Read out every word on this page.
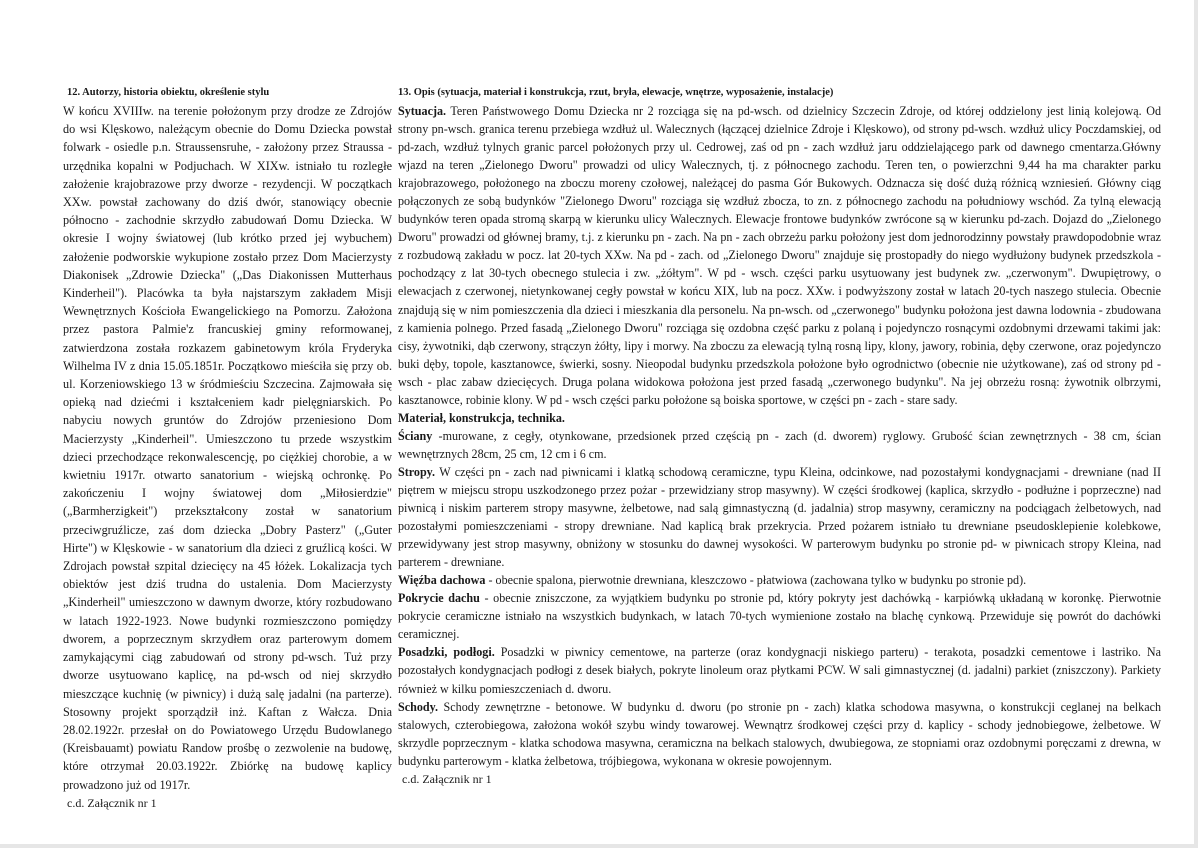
12. Autorzy, historia obiektu, określenie stylu

W końcu XVIIIw. na terenie położonym przy drodze ze Zdrojów do wsi Klęskowo, należącym obecnie do Domu Dziecka powstał folwark - osiedle p.n. Straussensruhe, - założony przez Straussa - urzędnika kopalni w Podjuchach. W XIXw. istniało tu rozległe założenie krajobrazowe przy dworze - rezydencji. W początkach XXw. powstał zachowany do dziś dwór, stanowiący obecnie północno - zachodnie skrzydło zabudowań Domu Dziecka. W okresie I wojny światowej (lub krótko przed jej wybuchem) założenie podworskie wykupione zostało przez Dom Macierzysty Diakonisek „Zdrowie Dziecka" („Das Diakonissen Mutterhaus Kinderheil"). Placówka ta była najstarszym zakładem Misji Wewnętrznych Kościoła Ewangelickiego na Pomorzu. Założona przez pastora Palmie'z francuskiej gminy reformowanej, zatwierdzona została rozkazem gabinetowym króla Fryderyka Wilhelma IV z dnia 15.05.1851r. Początkowo mieściła się przy ob. ul. Korzeniowskiego 13 w śródmieściu Szczecina. Zajmowała się opieką nad dziećmi i kształceniem kadr pielęgniarskich. Po nabyciu nowych gruntów do Zdrojów przeniesiono Dom Macierzysty „Kinderheil". Umieszczono tu przede wszystkim dzieci przechodzące rekonwalescencję, po ciężkiej chorobie, a w kwietniu 1917r. otwarto sanatorium - wiejską ochronkę. Po zakończeniu I wojny światowej dom „Miłosierdzie" („Barmherzigkeit") przekształcony został w sanatorium przeciwgruźlicze, zaś dom dziecka „Dobry Pasterz" („Guter Hirte") w Klęskowie - w sanatorium dla dzieci z gruźlicą kości. W Zdrojach powstał szpital dziecięcy na 45 łóżek. Lokalizacja tych obiektów jest dziś trudna do ustalenia. Dom Macierzysty „Kinderheil" umieszczono w dawnym dworze, który rozbudowano w latach 1922-1923. Nowe budynki rozmieszczono pomiędzy dworem, a poprzecznym skrzydłem oraz parterowym domem zamykającymi ciąg zabudowań od strony pd-wsch. Tuż przy dworze usytuowano kaplicę, na pd-wsch od niej skrzydło mieszczące kuchnię (w piwnicy) i dużą salę jadalni (na parterze). Stosowny projekt sporządził inż. Kaftan z Wałcza. Dnia 28.02.1922r. przesłał on do Powiatowego Urzędu Budowlanego (Kreisbauamt) powiatu Randow prośbę o zezwolenie na budowę, które otrzymał 20.03.1922r. Zbiórkę na budowę kaplicy prowadzono już od 1917r.

c.d. Załącznik nr 1

13. Opis (sytuacja, materiał i konstrukcja, rzut, bryła, elewacje, wnętrze, wyposażenie, instalacje)

Sytuacja. Teren Państwowego Domu Dziecka nr 2 rozciąga się na pd-wsch. od dzielnicy Szczecin Zdroje, od której oddzielony jest linią kolejową. Od strony pn-wsch. granica terenu przebiega wzdłuż ul. Walecznych (łączącej dzielnice Zdroje i Klęskowo), od strony pd-wsch. wzdłuż ulicy Poczdamskiej, od pd-zach, wzdłuż tylnych granic parcel położonych przy ul. Cedrowej, zaś od pn - zach wzdłuż jaru oddzielającego park od dawnego cmentarza.Główny wjazd na teren „Zielonego Dworu" prowadzi od ulicy Walecznych, tj. z północnego zachodu. Teren ten, o powierzchni 9,44 ha ma charakter parku krajobrazowego, położonego na zboczu moreny czołowej, należącej do pasma Gór Bukowych. Odznacza się dość dużą różnicą wzniesień. Główny ciąg połączonych ze sobą budynków "Zielonego Dworu" rozciąga się wzdłuż zbocza, to zn. z północnego zachodu na południowy wschód. Za tylną elewacją budynków teren opada stromą skarpą w kierunku ulicy Walecznych. Elewacje frontowe budynków zwrócone są w kierunku pd-zach. Dojazd do „Zielonego Dworu" prowadzi od głównej bramy, t.j. z kierunku pn - zach. Na pn - zach obrzeżu parku położony jest dom jednorodzinny powstały prawdopodobnie wraz z rozbudową zakładu w pocz. lat 20-tych XXw. Na pd - zach. od „Zielonego Dworu" znajduje się prostopadły do niego wydłużony budynek przedszkola - pochodzący z lat 30-tych obecnego stulecia i zw. „żółtym". W pd - wsch. części parku usytuowany jest budynek zw. „czerwonym". Dwupiętrowy, o elewacjach z czerwonej, nietynkowanej cegły powstał w końcu XIX, lub na pocz. XXw. i podwyższony został w latach 20-tych naszego stulecia. Obecnie znajdują się w nim pomieszczenia dla dzieci i mieszkania dla personelu. Na pn-wsch. od „czerwonego" budynku położona jest dawna lodownia - zbudowana z kamienia polnego. Przed fasadą „Zielonego Dworu" rozciąga się ozdobna część parku z polaną i pojedynczo rosnącymi ozdobnymi drzewami takimi jak: cisy, żywotniki, dąb czerwony, strączyn żółty, lipy i morwy. Na zboczu za elewacją tylną rosną lipy, klony, jawory, robinia, dęby czerwone, oraz pojedynczo buki dęby, topole, kasztanowce, świerki, sosny. Nieopodal budynku przedszkola położone było ogrodnictwo (obecnie nie użytkowane), zaś od strony pd - wsch - plac zabaw dziecięcych. Druga polana widokowa położona jest przed fasadą „czerwonego budynku". Na jej obrzeżu rosną: żywotnik olbrzymi, kasztanowce, robinie klony. W pd - wsch części parku położone są boiska sportowe, w części pn - zach - stare sady.

Materiał, konstrukcja, technika.

Ściany -murowane, z cegły, otynkowane, przedsionek przed częścią pn - zach (d. dworem) ryglowy. Grubość ścian zewnętrznych - 38 cm, ścian wewnętrznych 28cm, 25 cm, 12 cm i 6 cm.

Stropy. W części pn - zach nad piwnicami i klatką schodową ceramiczne, typu Kleina, odcinkowe, nad pozostałymi kondygnacjami - drewniane (nad II piętrem w miejscu stropu uszkodzonego przez pożar - przewidziany strop masywny). W części środkowej (kaplica, skrzydło - podłużne i poprzeczne) nad piwnicą i niskim parterem stropy masywne, żelbetowe, nad salą gimnastyczną (d. jadalnia) strop masywny, ceramiczny na podciągach żelbetowych, nad pozostałymi pomieszczeniami - stropy drewniane. Nad kaplicą brak przekrycia. Przed pożarem istniało tu drewniane pseudosklepienie kolebkowe, przewidywany jest strop masywny, obniżony w stosunku do dawnej wysokości. W parterowym budynku po stronie pd- w piwnicach stropy Kleina, nad parterem - drewniane.

Więźba dachowa - obecnie spalona, pierwotnie drewniana, kleszczowo - płatwiowa (zachowana tylko w budynku po stronie pd).

Pokrycie dachu - obecnie zniszczone, za wyjątkiem budynku po stronie pd, który pokryty jest dachówką - karpiówką układaną w koronkę. Pierwotnie pokrycie ceramiczne istniało na wszystkich budynkach, w latach 70-tych wymienione zostało na blachę cynkową. Przewiduje się powrót do dachówki ceramicznej.

Posadzki, podłogi. Posadzki w piwnicy cementowe, na parterze (oraz kondygnacji niskiego parteru) - terakota, posadzki cementowe i lastriko. Na pozostałych kondygnacjach podłogi z desek białych, pokryte linoleum oraz płytkami PCW. W sali gimnastycznej (d. jadalni) parkiet (zniszczony). Parkiety również w kilku pomieszczeniach d. dworu.

Schody. Schody zewnętrzne - betonowe. W budynku d. dworu (po stronie pn - zach) klatka schodowa masywna, o konstrukcji ceglanej na belkach stalowych, czterobiegowa, założona wokół szybu windy towarowej. Wewnątrz środkowej części przy d. kaplicy - schody jednobiegowe, żelbetowe. W skrzydle poprzecznym - klatka schodowa masywna, ceramiczna na belkach stalowych, dwubiegowa, ze stopniami oraz ozdobnymi poręczami z drewna, w budynku parterowym - klatka żelbetowa, trójbiegowa, wykonana w okresie powojennym.

c.d. Załącznik nr 1
